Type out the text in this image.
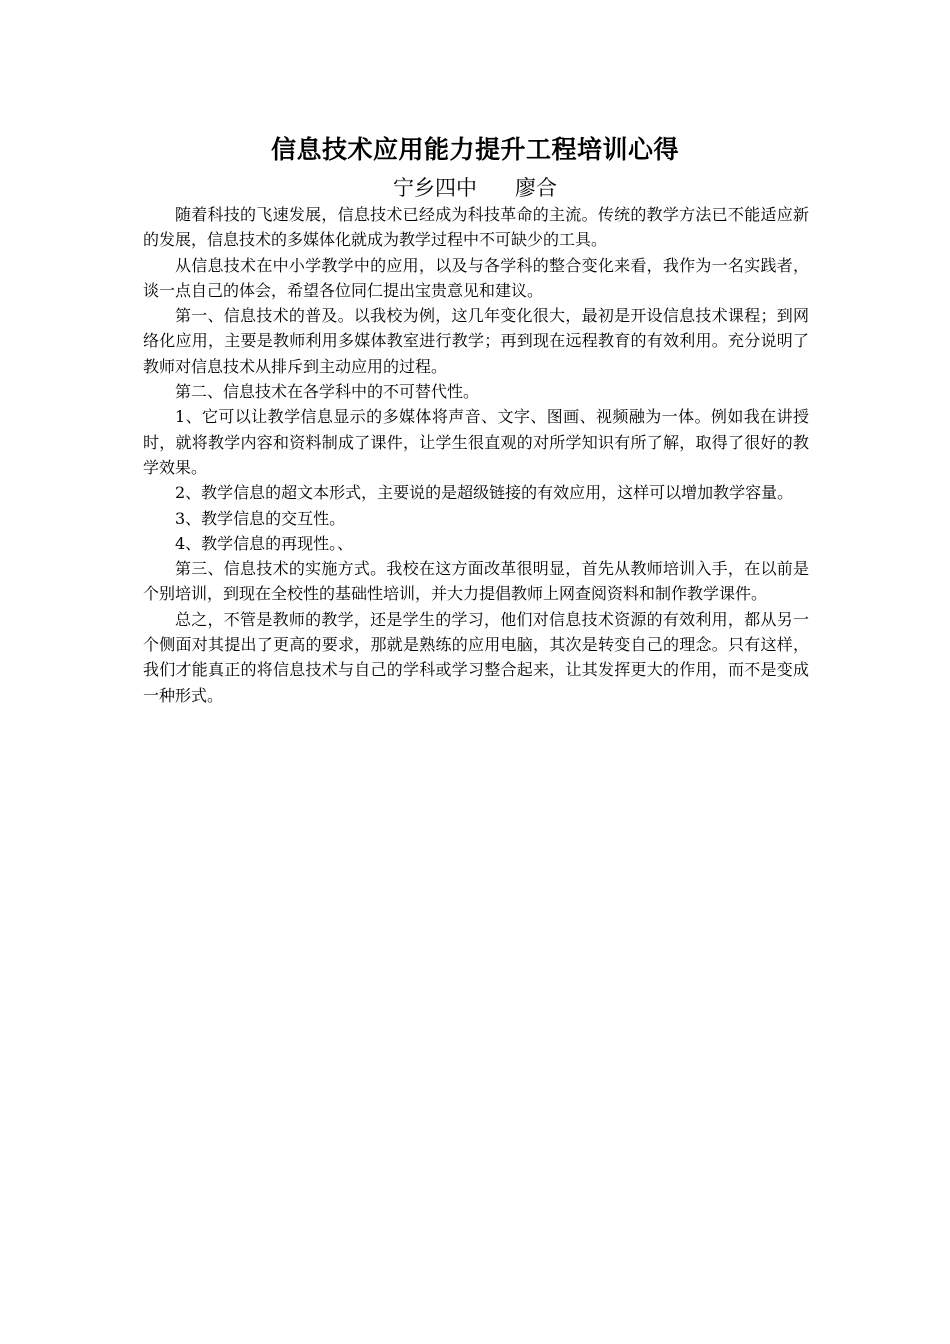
信息技术应用能力提升工程培训心得
宁乡四中 廖合

随着科技的飞速发展，信息技术已经成为科技革命的主流。传统的教学方法已不能适应新的发展，信息技术的多媒体化就成为教学过程中不可缺少的工具。

从信息技术在中小学教学中的应用，以及与各学科的整合变化来看，我作为一名实践者，谈一点自己的体会，希望各位同仁提出宝贵意见和建议。

第一、信息技术的普及。以我校为例，这几年变化很大，最初是开设信息技术课程；到网络化应用，主要是教师利用多媒体教室进行教学；再到现在远程教育的有效利用。充分说明了教师对信息技术从排斥到主动应用的过程。

第二、信息技术在各学科中的不可替代性。

1、它可以让教学信息显示的多媒体将声音、文字、图画、视频融为一体。例如我在讲授时，就将教学内容和资料制成了课件，让学生很直观的对所学知识有所了解，取得了很好的教学效果。

2、教学信息的超文本形式，主要说的是超级链接的有效应用，这样可以增加教学容量。

3、教学信息的交互性。

4、教学信息的再现性。、

第三、信息技术的实施方式。我校在这方面改革很明显，首先从教师培训入手，在以前是个别培训，到现在全校性的基础性培训，并大力提倡教师上网查阅资料和制作教学课件。

总之，不管是教师的教学，还是学生的学习，他们对信息技术资源的有效利用，都从另一个侧面对其提出了更高的要求，那就是熟练的应用电脑，其次是转变自己的理念。只有这样，我们才能真正的将信息技术与自己的学科或学习整合起来，让其发挥更大的作用，而不是变成一种形式。
